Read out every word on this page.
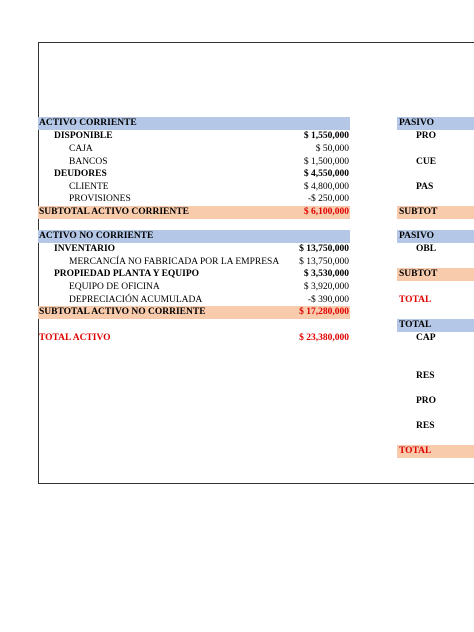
ACTIVO CORRIENTE
DISPONIBLE	$ 1,550,000
CAJA	$ 50,000
BANCOS	$ 1,500,000
DEUDORES	$ 4,550,000
CLIENTE	$ 4,800,000
PROVISIONES	-$ 250,000
SUBTOTAL ACTIVO CORRIENTE	$ 6,100,000
ACTIVO NO CORRIENTE
INVENTARIO	$ 13,750,000
MERCANCÍA NO FABRICADA POR LA EMPRESA $ 13,750,000
PROPIEDAD PLANTA Y EQUIPO	$ 3,530,000
EQUIPO DE OFICINA	$ 3,920,000
DEPRECIACIÓN ACUMULADA	-$ 390,000
SUBTOTAL ACTIVO NO CORRIENTE	$ 17,280,000
TOTAL ACTIVO	$ 23,380,000
PASIVO
PRO
CUE
PAS
SUBTOT
PASIVO
OBL
SUBTOT
TOTAL
TOTAL
CAP
RES
PRO
RES
TOTAL
